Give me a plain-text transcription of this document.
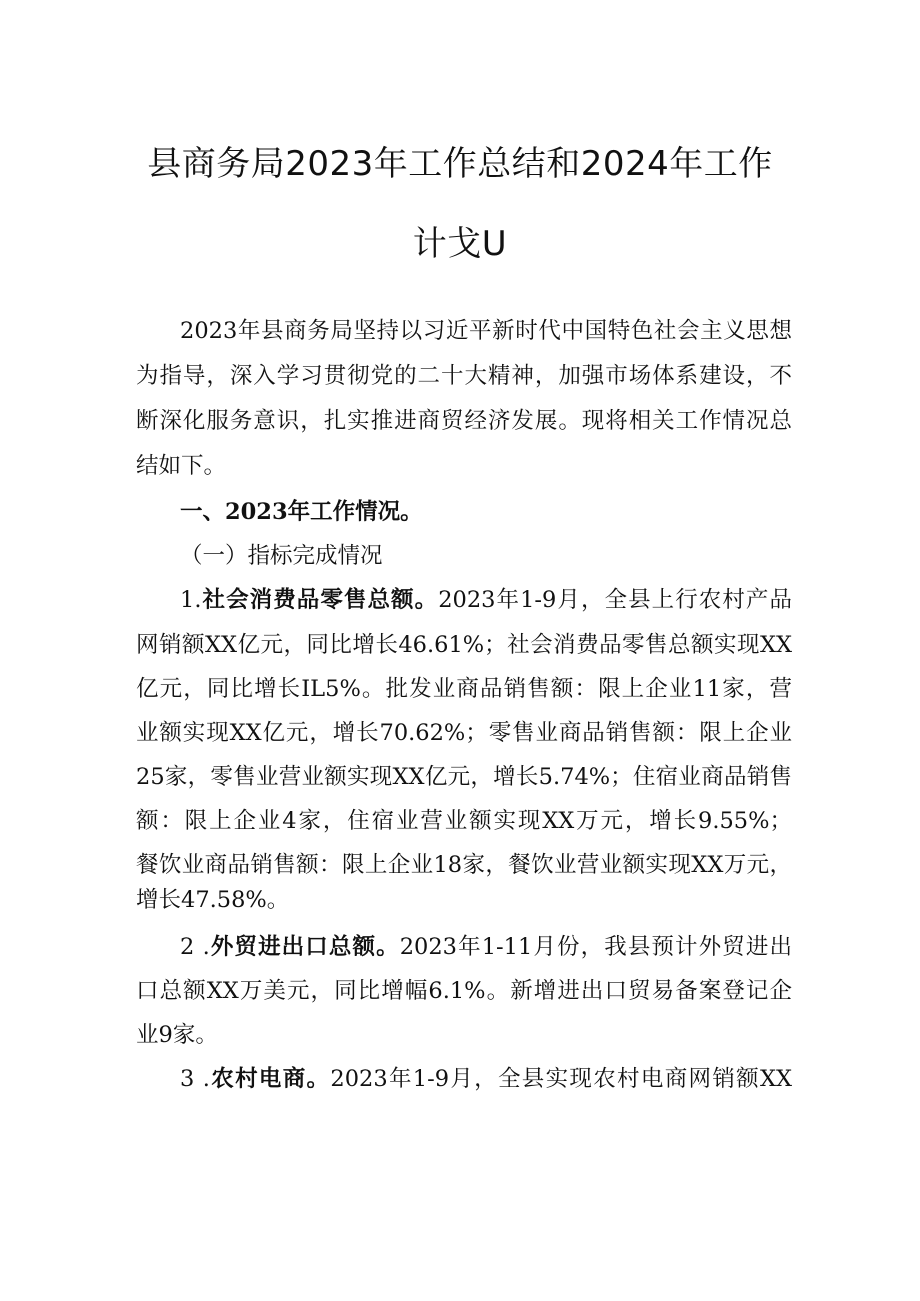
县商务局2023年工作总结和2024年工作
计戈U
2023年县商务局坚持以习近平新时代中国特色社会主义思想
为指导，深入学习贯彻党的二十大精神，加强市场体系建设，不
断深化服务意识，扎实推进商贸经济发展。现将相关工作情况总
结如下。
一、2023年工作情况。
（一）指标完成情况
1.社会消费品零售总额。2023年1-9月，全县上行农村产品
网销额XX亿元，同比增长46.61%；社会消费品零售总额实现XX
亿元，同比增长IL5%。批发业商品销售额：限上企业11家，营
业额实现XX亿元，增长70.62%；零售业商品销售额：限上企业
25家，零售业营业额实现XX亿元，增长5.74%；住宿业商品销售
额：限上企业4家，住宿业营业额实现XX万元，增长9.55%；
餐饮业商品销售额：限上企业18家，餐饮业营业额实现XX万元，
增长47.58%。
2 .外贸进出口总额。2023年1-11月份，我县预计外贸进出
口总额XX万美元，同比增幅6.1%。新增进出口贸易备案登记企
业9家。
3 .农村电商。2023年1-9月，全县实现农村电商网销额XX
